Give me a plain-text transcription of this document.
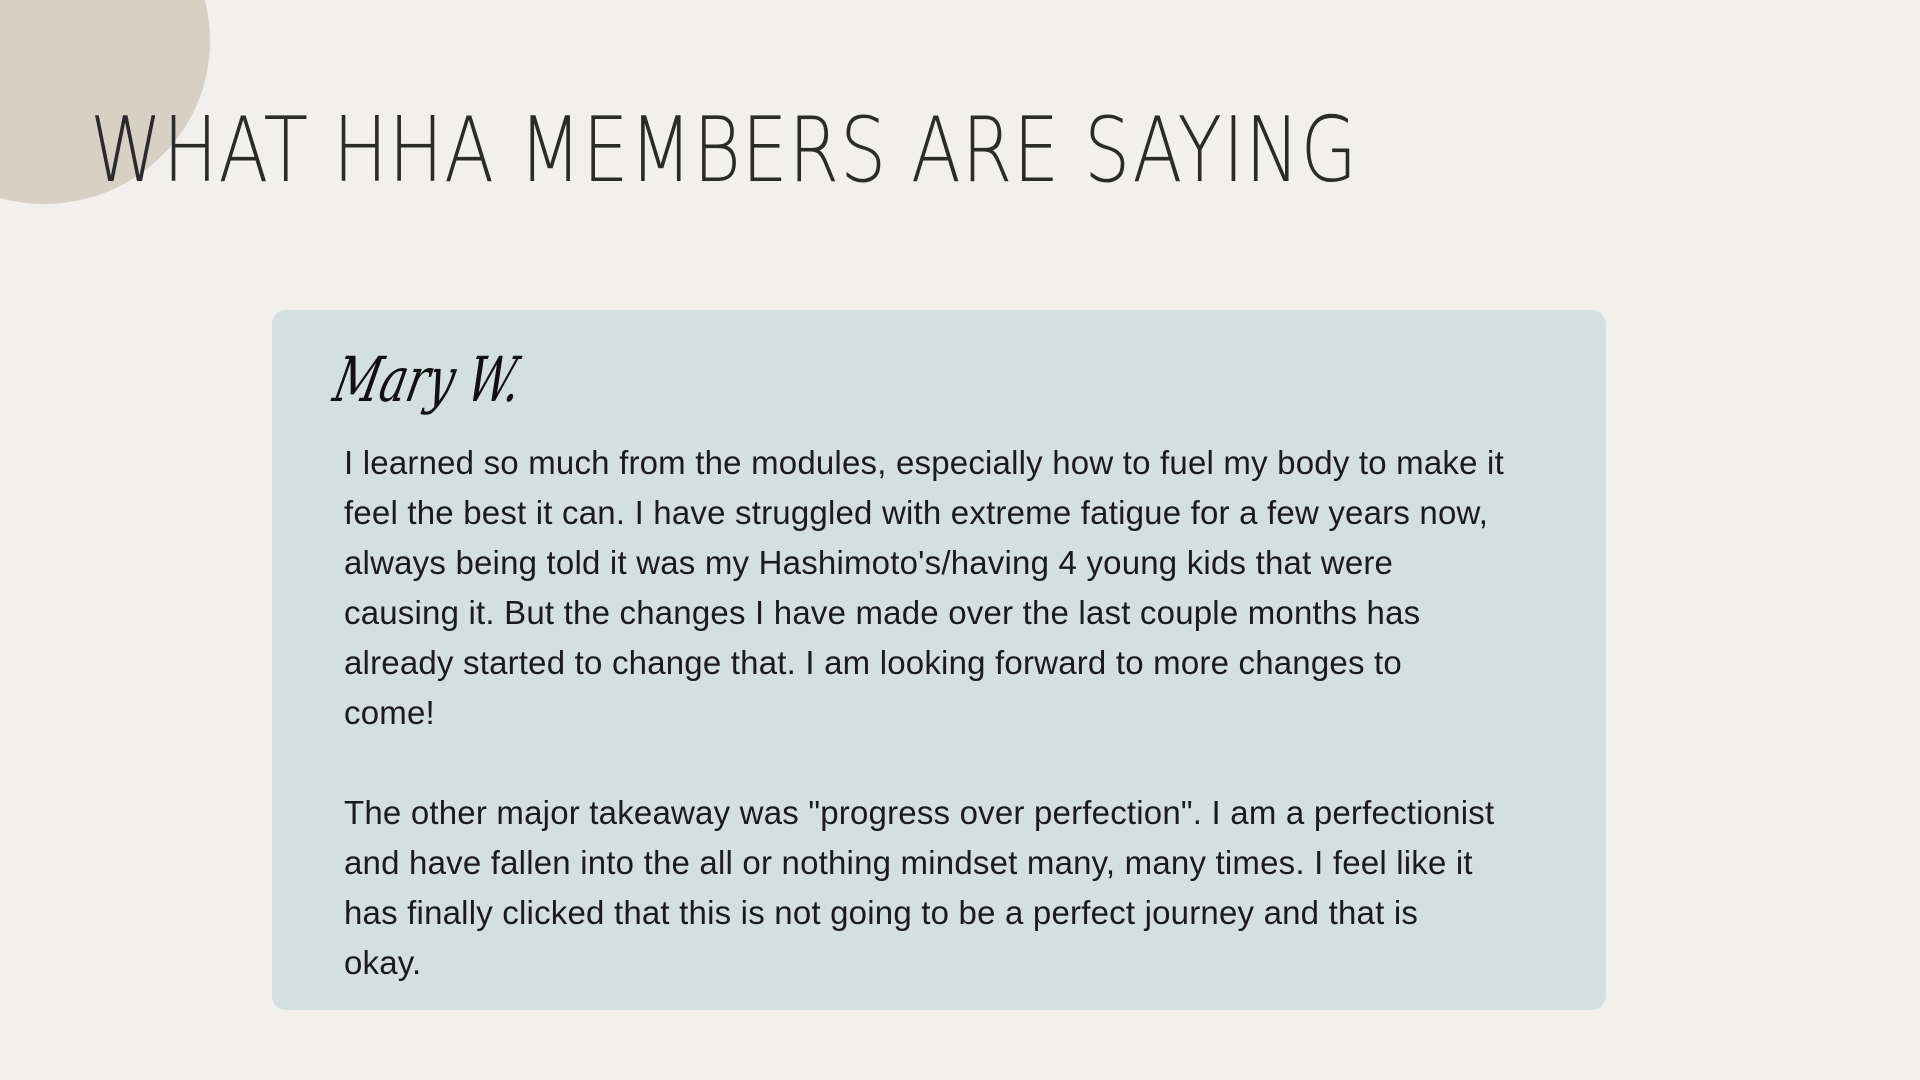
WHAT HHA MEMBERS ARE SAYING
Mary W.

I learned so much from the modules, especially how to fuel my body to make it
feel the best it can. I have struggled with extreme fatigue for a few years now,
always being told it was my Hashimoto's/having 4 young kids that were
causing it. But the changes I have made over the last couple months has
already started to change that. I am looking forward to more changes to
come!

The other major takeaway was "progress over perfection". I am a perfectionist
and have fallen into the all or nothing mindset many, many times. I feel like it
has finally clicked that this is not going to be a perfect journey and that is
okay.
